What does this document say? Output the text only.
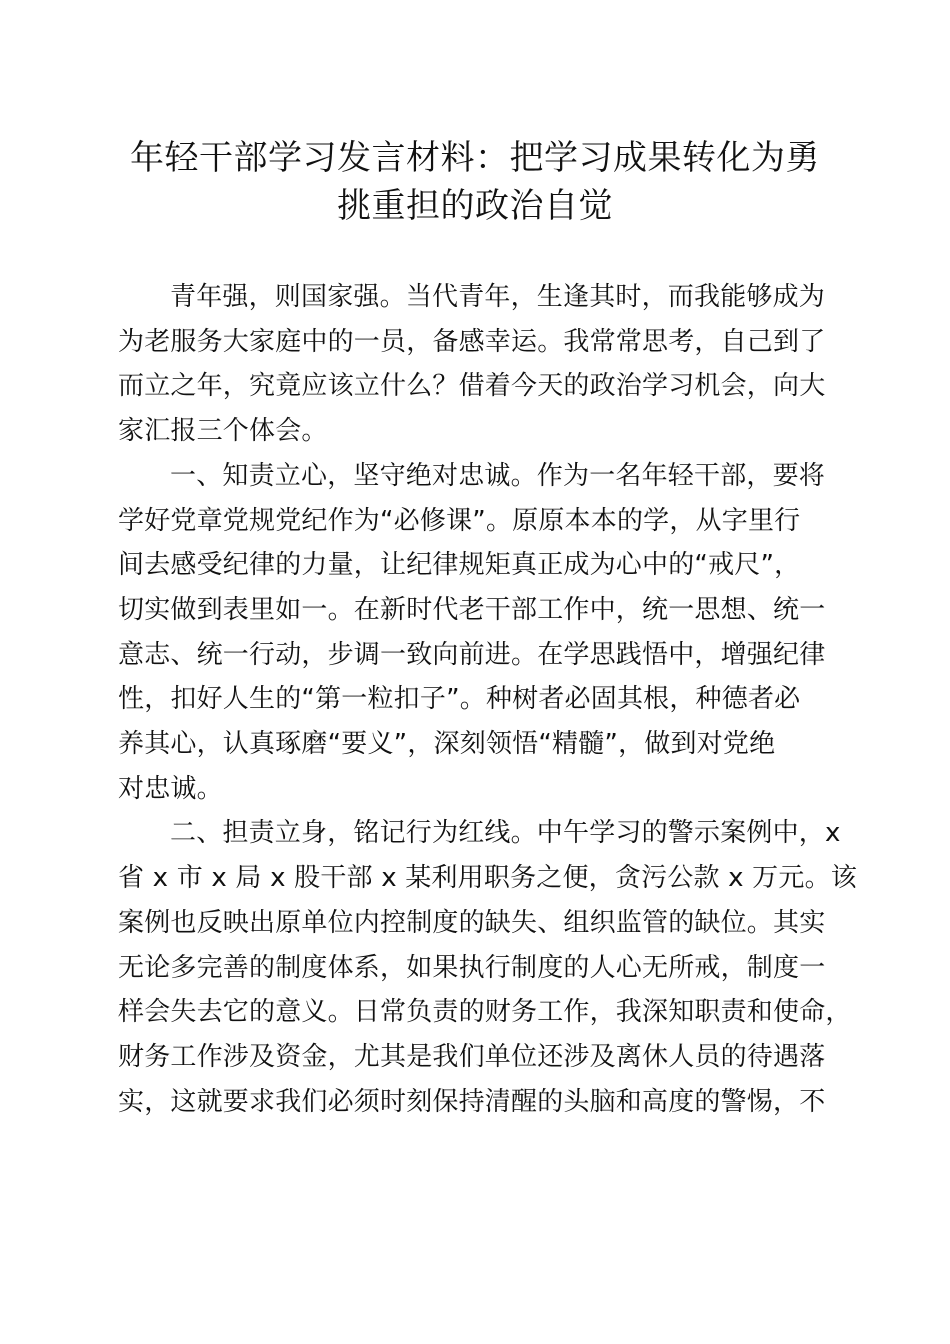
年轻干部学习发言材料：把学习成果转化为勇
挑重担的政治自觉
青年强，则国家强。当代青年，生逢其时，而我能够成为
为老服务大家庭中的一员，备感幸运。我常常思考，自己到了
而立之年，究竟应该立什么？借着今天的政治学习机会，向大
家汇报三个体会。
一、知责立心，坚守绝对忠诚。作为一名年轻干部，要将
学好党章党规党纪作为“必修课”。原原本本的学，从字里行
间去感受纪律的力量，让纪律规矩真正成为心中的“戒尺”，
切实做到表里如一。在新时代老干部工作中，统一思想、统一
意志、统一行动，步调一致向前进。在学思践悟中，增强纪律
性，扣好人生的“第一粒扣子”。种树者必固其根，种德者必
养其心，认真琢磨“要义”，深刻领悟“精髓”，做到对党绝
对忠诚。
二、担责立身，铭记行为红线。中午学习的警示案例中，x
省 x 市 x 局 x 股干部 x 某利用职务之便，贪污公款 x 万元。该
案例也反映出原单位内控制度的缺失、组织监管的缺位。其实
无论多完善的制度体系，如果执行制度的人心无所戒，制度一
样会失去它的意义。日常负责的财务工作，我深知职责和使命，
财务工作涉及资金，尤其是我们单位还涉及离休人员的待遇落
实，这就要求我们必须时刻保持清醒的头脑和高度的警惕，不
